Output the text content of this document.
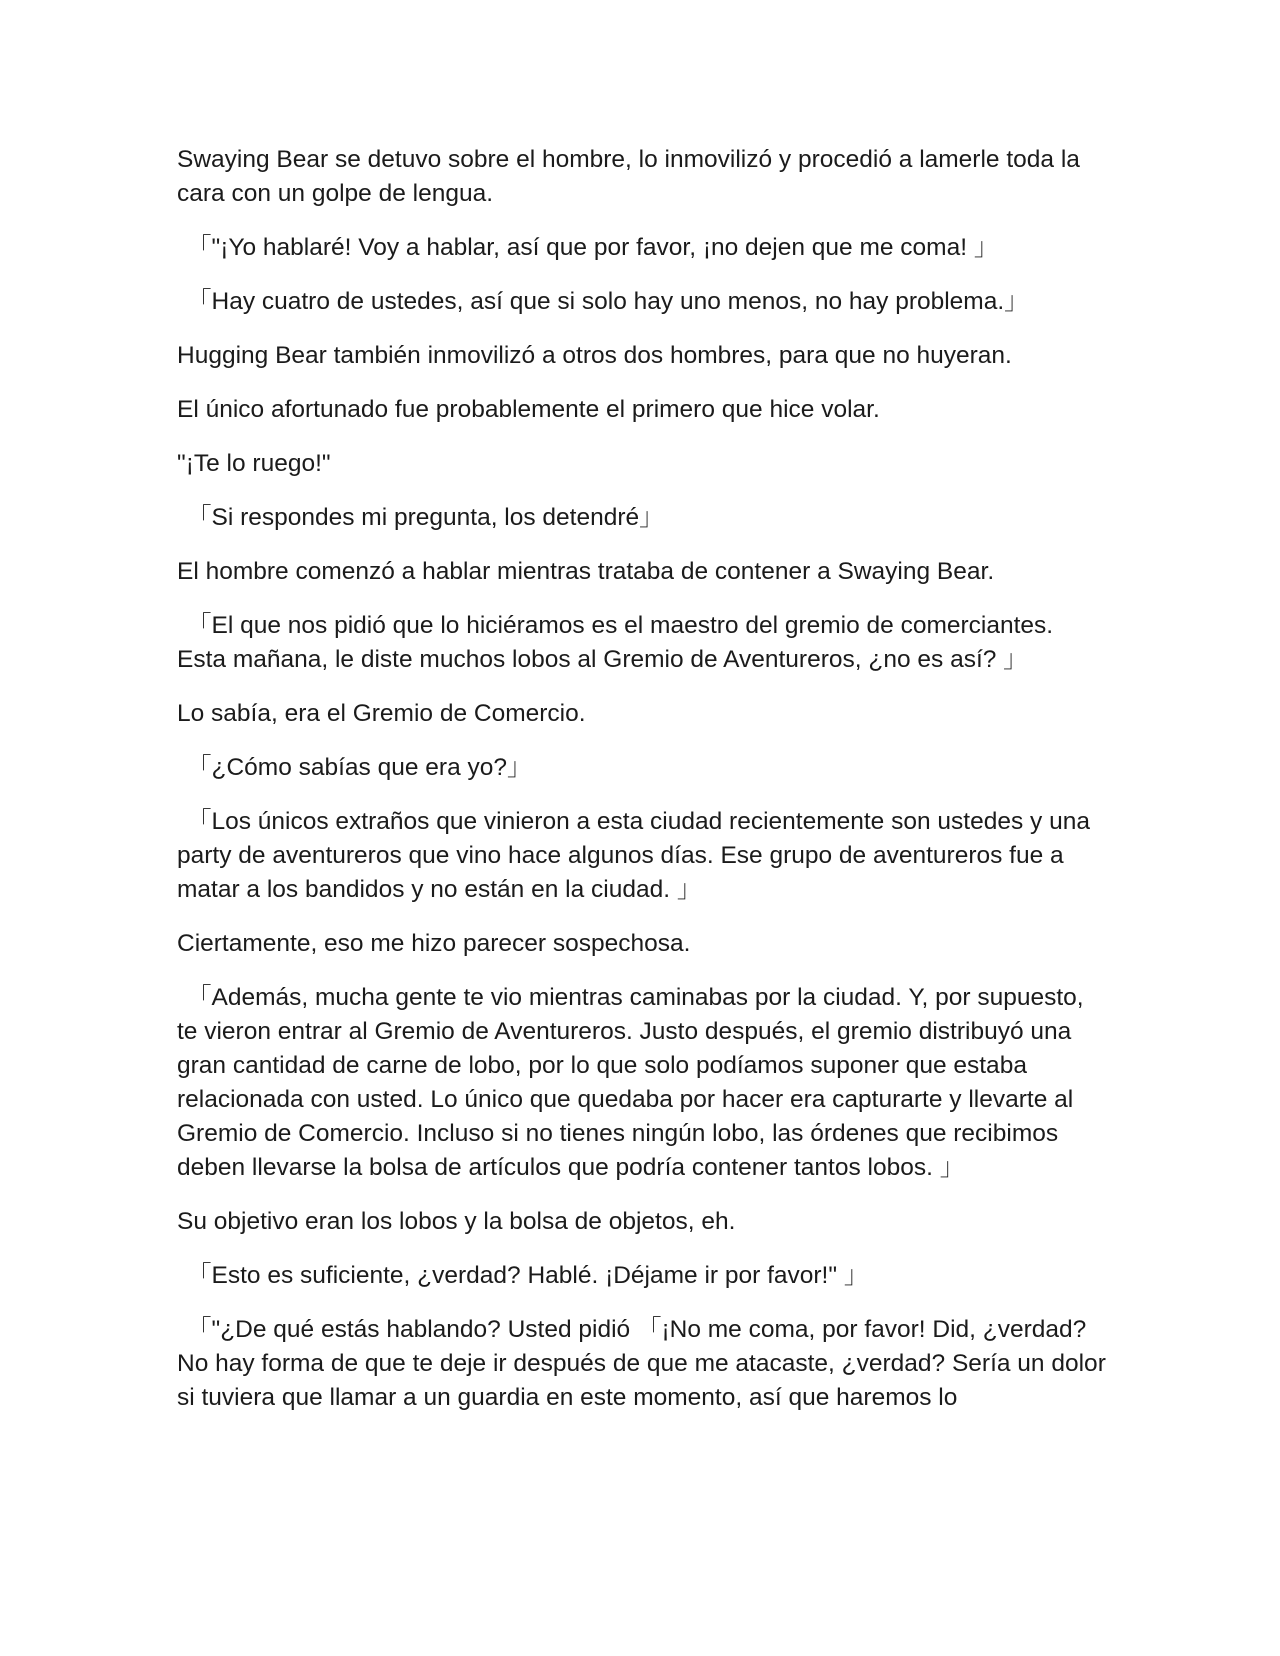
Swaying Bear se detuvo sobre el hombre, lo inmovilizó y procedió a lamerle toda la cara con un golpe de lengua.

「"¡Yo hablaré! Voy a hablar, así que por favor, ¡no dejen que me coma! 」

「Hay cuatro de ustedes, así que si solo hay uno menos, no hay problema.」

Hugging Bear también inmovilizó a otros dos hombres, para que no huyeran.

El único afortunado fue probablemente el primero que hice volar.

"¡Te lo ruego!"

「Si respondes mi pregunta, los detendré」

El hombre comenzó a hablar mientras trataba de contener a Swaying Bear.

「El que nos pidió que lo hiciéramos es el maestro del gremio de comerciantes. Esta mañana, le diste muchos lobos al Gremio de Aventureros, ¿no es así? 」

Lo sabía, era el Gremio de Comercio.

「¿Cómo sabías que era yo?」

「Los únicos extraños que vinieron a esta ciudad recientemente son ustedes y una party de aventureros que vino hace algunos días. Ese grupo de aventureros fue a matar a los bandidos y no están en la ciudad. 」

Ciertamente, eso me hizo parecer sospechosa.

「Además, mucha gente te vio mientras caminabas por la ciudad. Y, por supuesto, te vieron entrar al Gremio de Aventureros. Justo después, el gremio distribuyó una gran cantidad de carne de lobo, por lo que solo podíamos suponer que estaba relacionada con usted. Lo único que quedaba por hacer era capturarte y llevarte al Gremio de Comercio. Incluso si no tienes ningún lobo, las órdenes que recibimos deben llevarse la bolsa de artículos que podría contener tantos lobos. 」

Su objetivo eran los lobos y la bolsa de objetos, eh.

「Esto es suficiente, ¿verdad? Hablé. ¡Déjame ir por favor!" 」

「"¿De qué estás hablando? Usted pidió 「¡No me coma, por favor! Did, ¿verdad? No hay forma de que te deje ir después de que me atacaste, ¿verdad? Sería un dolor si tuviera que llamar a un guardia en este momento, así que haremos lo
